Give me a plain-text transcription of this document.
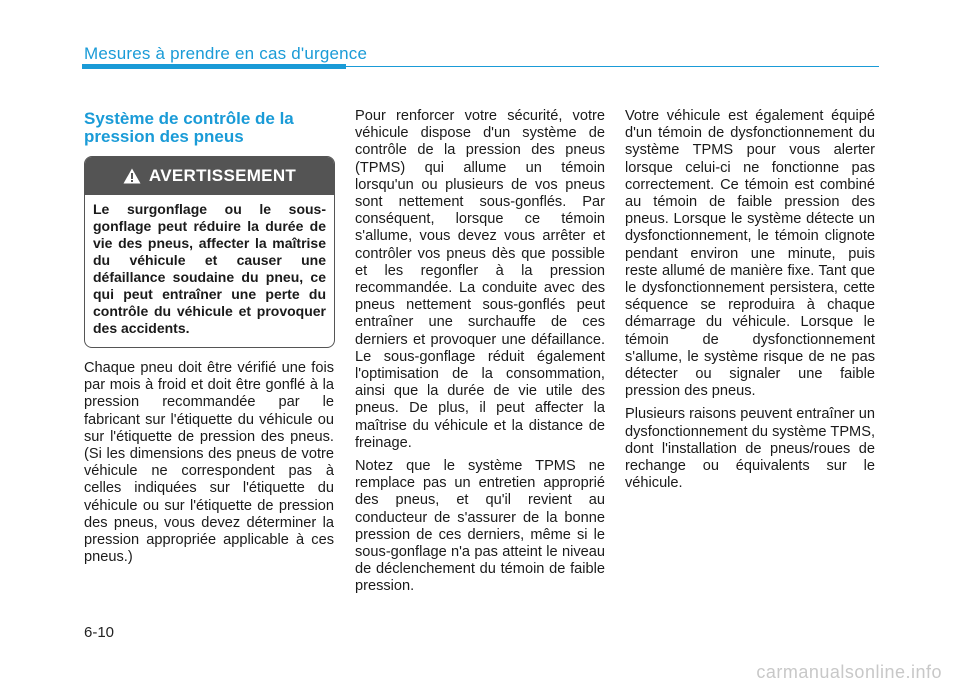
Mesures à prendre en cas d'urgence
Système de contrôle de la pression des pneus
AVERTISSEMENT
Le surgonflage ou le sous-gonflage peut réduire la durée de vie des pneus, affecter la maîtrise du véhicule et causer une défaillance soudaine du pneu, ce qui peut entraîner une perte du contrôle du véhicule et provoquer des accidents.

Chaque pneu doit être vérifié une fois par mois à froid et doit être gonflé à la pression recommandée par le fabricant sur l'étiquette du véhicule ou sur l'étiquette de pression des pneus. (Si les dimensions des pneus de votre véhicule ne correspondent pas à celles indiquées sur l'étiquette du véhicule ou sur l'étiquette de pression des pneus, vous devez déterminer la pression appropriée applicable à ces pneus.)

Pour renforcer votre sécurité, votre véhicule dispose d'un système de contrôle de la pression des pneus (TPMS) qui allume un témoin lorsqu'un ou plusieurs de vos pneus sont nettement sous-gonflés. Par conséquent, lorsque ce témoin s'allume, vous devez vous arrêter et contrôler vos pneus dès que possible et les regonfler à la pression recommandée. La conduite avec des pneus nettement sous-gonflés peut entraîner une surchauffe de ces derniers et provoquer une défaillance. Le sous-gonflage réduit également l'optimisation de la consommation, ainsi que la durée de vie utile des pneus. De plus, il peut affecter la maîtrise du véhicule et la distance de freinage.

Notez que le système TPMS ne remplace pas un entretien approprié des pneus, et qu'il revient au conducteur de s'assurer de la bonne pression de ces derniers, même si le sous-gonflage n'a pas atteint le niveau de déclenchement du témoin de faible pression.

Votre véhicule est également équipé d'un témoin de dysfonctionnement du système TPMS pour vous alerter lorsque celui-ci ne fonctionne pas correctement. Ce témoin est combiné au témoin de faible pression des pneus. Lorsque le système détecte un dysfonctionnement, le témoin clignote pendant environ une minute, puis reste allumé de manière fixe. Tant que le dysfonctionnement persistera, cette séquence se reproduira à chaque démarrage du véhicule. Lorsque le témoin de dysfonctionnement s'allume, le système risque de ne pas détecter ou signaler une faible pression des pneus.

Plusieurs raisons peuvent entraîner un dysfonctionnement du système TPMS, dont l'installation de pneus/roues de rechange ou équivalents sur le véhicule.

6-10
carmanualsonline.info
